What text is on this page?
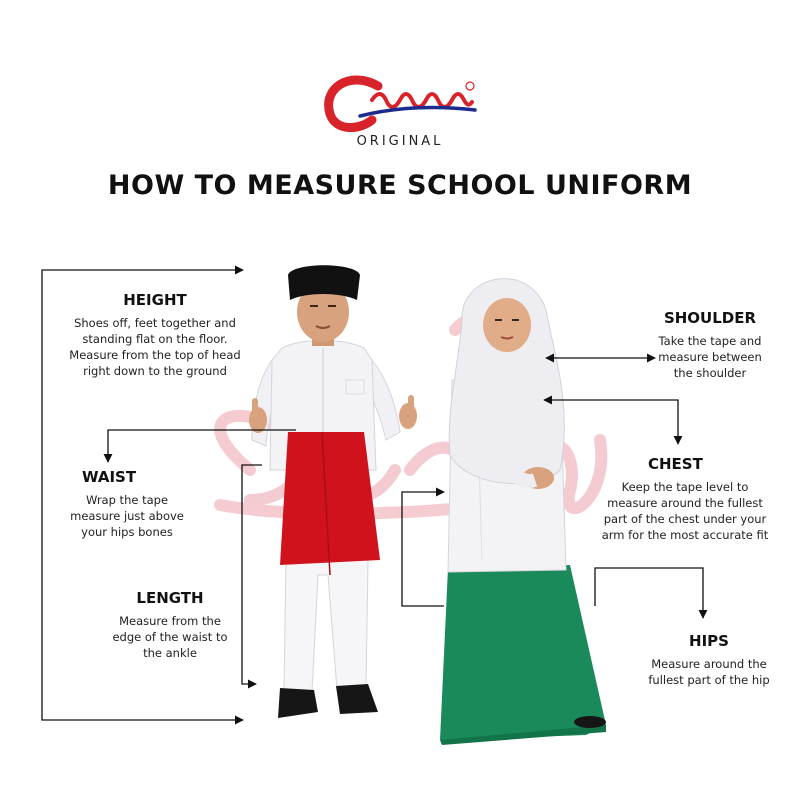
ORIGINAL
HOW TO MEASURE SCHOOL UNIFORM
HEIGHT
Shoes off, feet together and
standing flat on the floor.
Measure from the top of head
right down to the ground
WAIST
Wrap the tape
measure just above
your hips bones
LENGTH
Measure from the
edge of the waist to
the ankle
SHOULDER
Take the tape and
measure between
the shoulder
CHEST
Keep the tape level to
measure around the fullest
part of the chest under your
arm for the most accurate fit
HIPS
Measure around the
fullest part of the hip
